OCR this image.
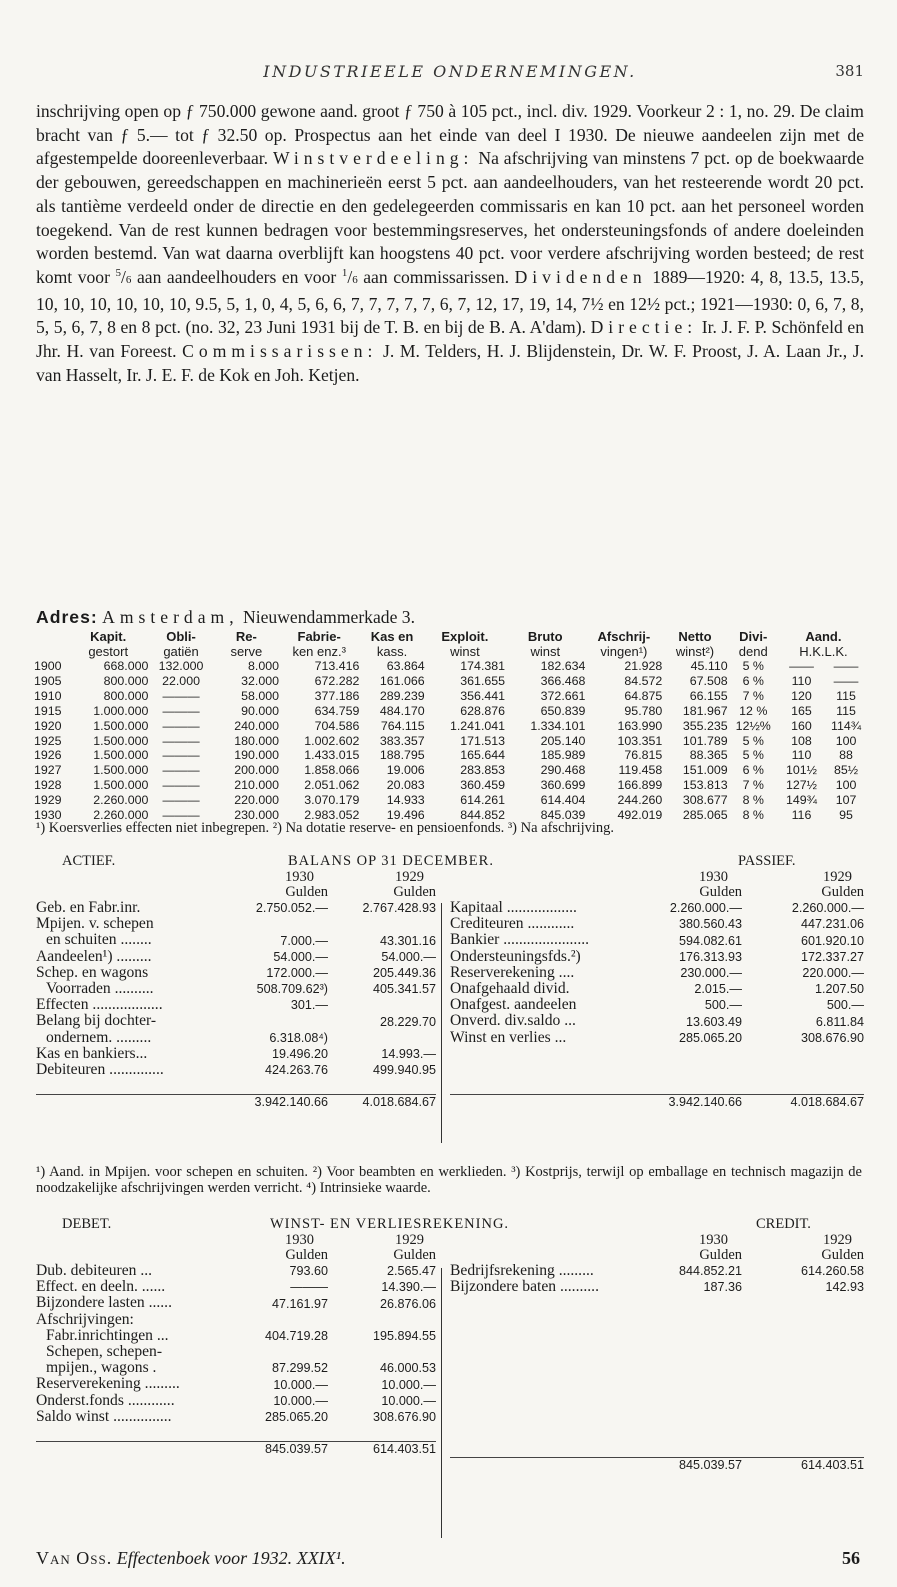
INDUSTRIEELE ONDERNEMINGEN.	381

inschrijving open op ƒ 750.000 gewone aand. groot ƒ 750 à 105 pct., incl. div. 1929. Voorkeur 2 : 1, no. 29. De claim bracht van ƒ 5.— tot ƒ 32.50 op. Prospectus aan het einde van deel I 1930. De nieuwe aandeelen zijn met de afgestempelde dooreenleverbaar. Winstverdeeling: Na afschrijving van minstens 7 pct. op de boekwaarde der gebouwen, gereedschappen en machinerieën eerst 5 pct. aan aandeelhouders, van het resteerende wordt 20 pct. als tantième verdeeld onder de directie en den gedelegeerden commissaris en kan 10 pct. aan het personeel worden toegekend. Van de rest kunnen bedragen voor bestemmingsreserves, het ondersteuningsfonds of andere doeleinden worden bestemd. Van wat daarna overblijft kan hoogstens 40 pct. voor verdere afschrijving worden besteed; de rest komt voor $^5$/6 aan aandeelhouders en voor $^1$/6 aan commissarissen. Dividenden 1889—1920: 4, 8, 13.5, 13.5, 10, 10, 10, 10, 10, 10, 9.5, 5, 1, 0, 4, 5, 6, 6, 7, 7, 7, 7, 7, 6, 7, 12, 17, 19, 14, 7½ en 12½ pct.; 1921—1930: 0, 6, 7, 8, 5, 5, 6, 7, 8 en 8 pct. (no. 32, 23 Juni 1931 bij de T. B. en bij de B. A. A'dam). Directie: Ir. J. F. P. Schönfeld en Jhr. H. van Foreest. Commissarissen: J. M. Telders, H. J. Blijdenstein, Dr. W. F. Proost, J. A. Laan Jr., J. van Hasselt, Ir. J. E. F. de Kok en Joh. Ketjen.

Adres: Amsterdam, Nieuwendammerkade 3.
	Kapit.	Obli-	Re-	Fabrie-	Kas en	Exploit.	Bruto	Afschrij-	Netto	Divi-	Aand.	
	gestort	gatiën	serve	ken enz.³	kass.	winst	winst	vingen¹)	winst²)	dend	H.K.L.K.	
1900	668.000	132.000	8.000	713.416	63.864	174.381	182.634	21.928	45.110	5 %	——	——
1905	800.000	22.000	32.000	672.282	161.066	361.655	366.468	84.572	67.508	6 %	110	——
1910	800.000	———	58.000	377.186	289.239	356.441	372.661	64.875	66.155	7 %	120	115
1915	1.000.000	———	90.000	634.759	484.170	628.876	650.839	95.780	181.967	12 %	165	115
1920	1.500.000	———	240.000	704.586	764.115	1.241.041	1.334.101	163.990	355.235	12½%	160	114¾
1925	1.500.000	———	180.000	1.002.602	383.357	171.513	205.140	103.351	101.789	5 %	108	100
1926	1.500.000	———	190.000	1.433.015	188.795	165.644	185.989	76.815	88.365	5 %	110	88
1927	1.500.000	———	200.000	1.858.066	19.006	283.853	290.468	119.458	151.009	6 %	101½	85½
1928	1.500.000	———	210.000	2.051.062	20.083	360.459	360.699	166.899	153.813	7 %	127½	100
1929	2.260.000	———	220.000	3.070.179	14.933	614.261	614.404	244.260	308.677	8 %	149¾	107
1930	2.260.000	———	230.000	2.983.052	19.496	844.852	845.039	492.019	285.065	8 %	116	95
¹) Koersverlies effecten niet inbegrepen. ²) Na dotatie reserve- en pensioenfonds. ³) Na afschrijving.
ACTIEF.	BALANS OP 31 DECEMBER.	PASSIEF.
	1930	1929
	Gulden	Gulden
Geb. en Fabr.inr.	2.750.052.—	2.767.428.93
Mpijen. v. schepen		
en schuiten ........	7.000.—	43.301.16
Aandeelen¹) .........	54.000.—	54.000.—
Schep. en wagons	172.000.—	205.449.36
Voorraden ..........	508.709.62³)	405.341.57
Effecten ..................	301.—	
Belang bij dochter-		28.229.70
ondernem. .........	6.318.08⁴)	
Kas en bankiers...	19.496.20	14.993.—
Debiteuren ..............	424.263.76	499.940.95

	3.942.140.66	4.018.684.67
	1930	1929
	Gulden	Gulden
Kapitaal ..................	2.260.000.—	2.260.000.—
Crediteuren ............	380.560.43	447.231.06
Bankier ......................	594.082.61	601.920.10
Ondersteuningsfds.²)	176.313.93	172.337.27
Reserverekening ....	230.000.—	220.000.—
Onafgehaald divid.	2.015.—	1.207.50
Onafgest. aandeelen	500.—	500.—
Onverd. div.saldo ...	13.603.49	6.811.84
Winst en verlies ...	285.065.20	308.676.90

	3.942.140.66	4.018.684.67
¹) Aand. in Mpijen. voor schepen en schuiten. ²) Voor beambten en werklieden. ³) Kostprijs, terwijl op emballage en technisch magazijn de noodzakelijke afschrijvingen werden verricht. ⁴) Intrinsieke waarde.
DEBET.	WINST- EN VERLIESREKENING.	CREDIT.
	1930	1929
	Gulden	Gulden
Dub. debiteuren ...	793.60	2.565.47
Effect. en deeln. ......	———	14.390.—
Bijzondere lasten ......	47.161.97	26.876.06
Afschrijvingen:		
Fabr.inrichtingen ...	404.719.28	195.894.55
Schepen, schepen-		
mpijen., wagons .	87.299.52	46.000.53
Reserverekening .........	10.000.—	10.000.—
Onderst.fonds ............	10.000.—	10.000.—
Saldo winst ...............	285.065.20	308.676.90

	845.039.57	614.403.51
	1930	1929
	Gulden	Gulden
Bedrijfsrekening .........	844.852.21	614.260.58
Bijzondere baten ..........	187.36	142.93

	845.039.57	614.403.51
Van Oss. Effectenboek voor 1932. XXIX¹.	56
